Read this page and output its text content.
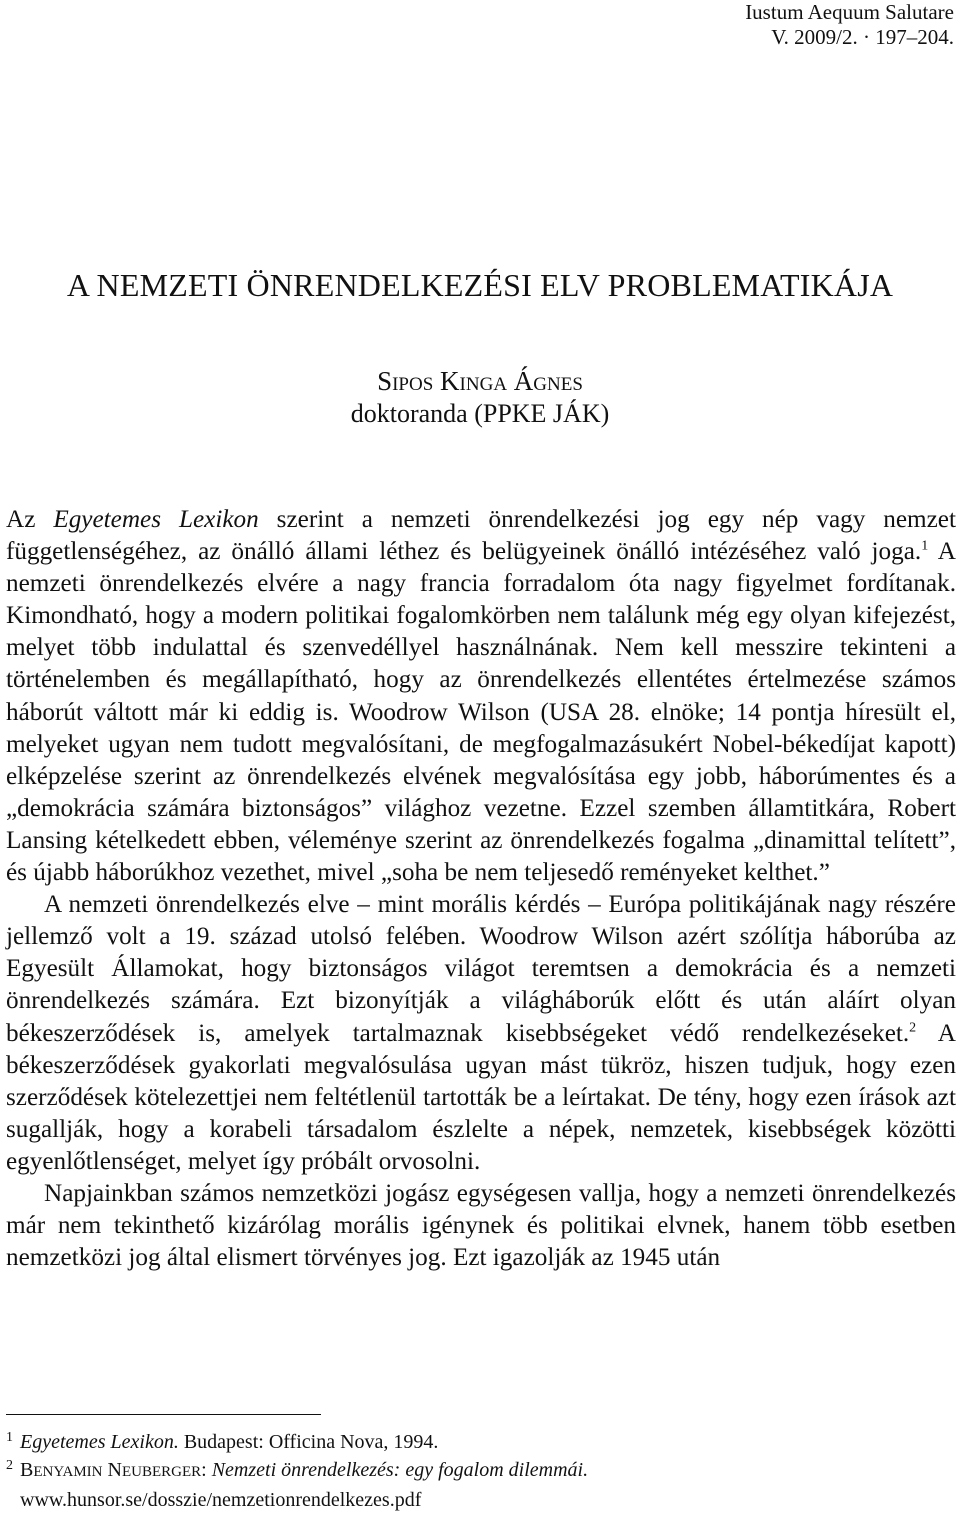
Iustum Aequum Salutare
V. 2009/2. · 197–204.
A NEMZETI ÖNRENDELKEZÉSI ELV PROBLEMATIKÁJA
SIPOS KINGA ÁGNES
doktoranda (PPKE JÁK)

Az Egyetemes Lexikon szerint a nemzeti önrendelkezési jog egy nép vagy nemzet függetlenségéhez, az önálló állami léthez és belügyeinek önálló intézéséhez való joga.$^1$ A nemzeti önrendelkezés elvére a nagy francia forradalom óta nagy figyelmet fordítanak. Kimondható, hogy a modern politikai fogalomkörben nem találunk még egy olyan kifejezést, melyet több indulattal és szenvedéllyel használnának. Nem kell messzire tekinteni a történelemben és megállapítható, hogy az önrendelkezés ellentétes értelmezése számos háborút váltott már ki eddig is. Woodrow Wilson (USA 28. elnöke; 14 pontja híresült el, melyeket ugyan nem tudott megvalósítani, de megfogalmazásukért Nobel-békedíjat kapott) elképzelése szerint az önrendelkezés elvének megvalósítása egy jobb, háborúmentes és a „demokrácia számára biztonságos” világhoz vezetne. Ezzel szemben államtitkára, Robert Lansing kételkedett ebben, véleménye szerint az önrendelkezés fogalma „dinamittal telített”, és újabb háborúkhoz vezethet, mivel „soha be nem teljesedő reményeket kelthet.”

A nemzeti önrendelkezés elve – mint morális kérdés – Európa politikájának nagy részére jellemző volt a 19. század utolsó felében. Woodrow Wilson azért szólítja háborúba az Egyesült Államokat, hogy biztonságos világot teremtsen a demokrácia és a nemzeti önrendelkezés számára. Ezt bizonyítják a világháborúk előtt és után aláírt olyan békeszerződések is, amelyek tartalmaznak kisebbségeket védő rendelkezéseket.$^2$ A békeszerződések gyakorlati megvalósulása ugyan mást tükröz, hiszen tudjuk, hogy ezen szerződések kötelezettjei nem feltétlenül tartották be a leírtakat. De tény, hogy ezen írások azt sugallják, hogy a korabeli társadalom észlelte a népek, nemzetek, kisebbségek közötti egyenlőtlenséget, melyet így próbált orvosolni.

Napjainkban számos nemzetközi jogász egységesen vallja, hogy a nemzeti önrendelkezés már nem tekinthető kizárólag morális igénynek és politikai elvnek, hanem több esetben nemzetközi jog által elismert törvényes jog. Ezt igazolják az 1945 után

1 Egyetemes Lexikon. Budapest: Officina Nova, 1994.

2 BENYAMIN NEUBERGER: Nemzeti önrendelkezés: egy fogalom dilemmái. www.hunsor.se/dosszie/nemzetionrendelkezes.pdf
